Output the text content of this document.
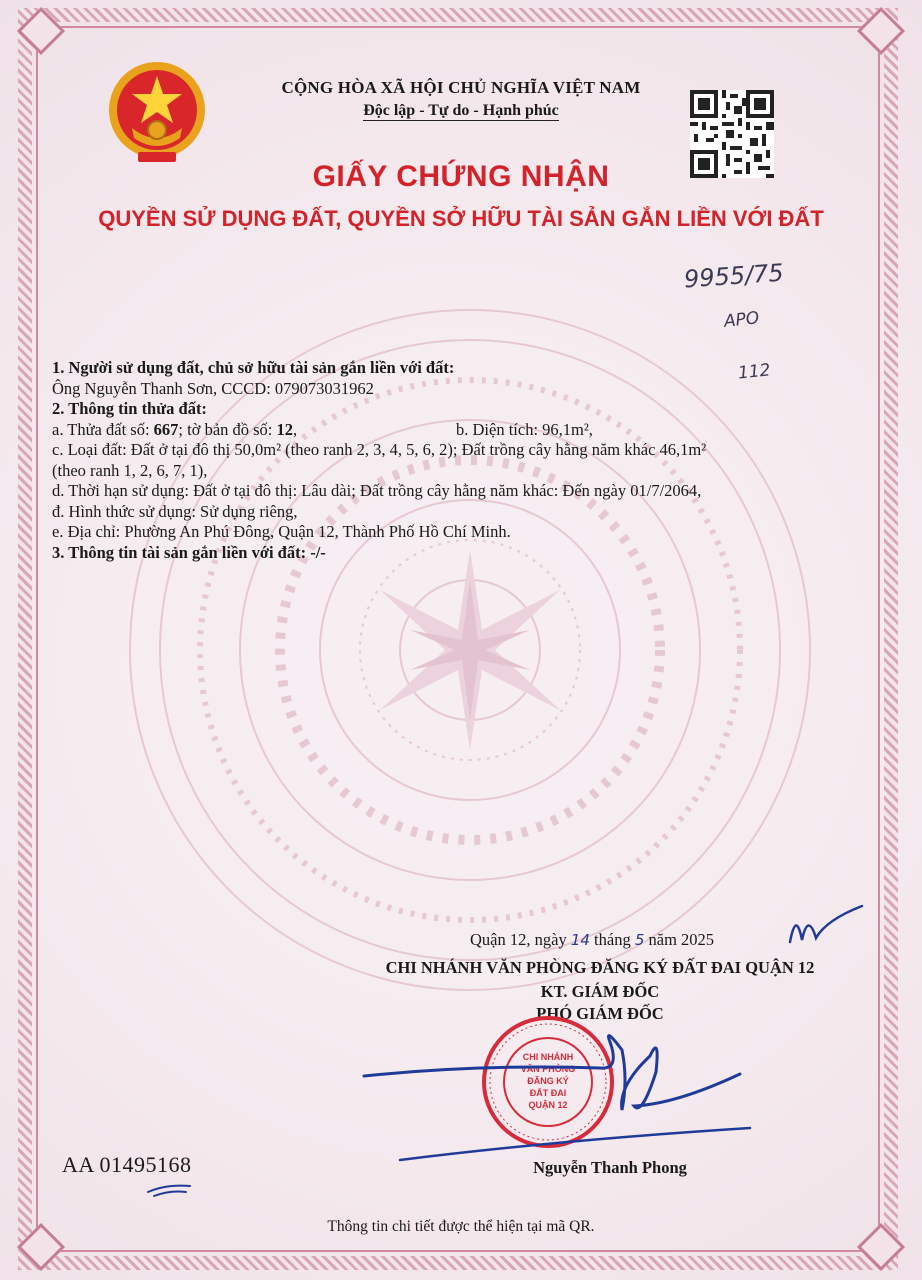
CỘNG HÒA XÃ HỘI CHỦ NGHĨA VIỆT NAM
Độc lập - Tự do - Hạnh phúc
GIẤY CHỨNG NHẬN
QUYỀN SỬ DỤNG ĐẤT, QUYỀN SỞ HỮU TÀI SẢN GẮN LIỀN VỚI ĐẤT
9955/75
APO
112
1. Người sử dụng đất, chủ sở hữu tài sản gắn liền với đất:
Ông Nguyễn Thanh Sơn, CCCD: 079073031962
2. Thông tin thửa đất:
a. Thửa đất số: 667; tờ bản đồ số: 12,	b. Diện tích: 96,1m²,
c. Loại đất: Đất ở tại đô thị 50,0m² (theo ranh 2, 3, 4, 5, 6, 2); Đất trồng cây hằng năm khác 46,1m²
(theo ranh 1, 2, 6, 7, 1),
d. Thời hạn sử dụng: Đất ở tại đô thị: Lâu dài; Đất trồng cây hằng năm khác: Đến ngày 01/7/2064,
đ. Hình thức sử dụng: Sử dụng riêng,
e. Địa chỉ: Phường An Phú Đông, Quận 12, Thành Phố Hồ Chí Minh.
3. Thông tin tài sản gắn liền với đất: -/-
Quận 12, ngày 14 tháng 5 năm 2025
CHI NHÁNH VĂN PHÒNG ĐĂNG KÝ ĐẤT ĐAI QUẬN 12
KT. GIÁM ĐỐC
PHÓ GIÁM ĐỐC
CHI NHÁNH
VĂN PHÒNG
ĐĂNG KÝ
ĐẤT ĐAI
QUẬN 12
Nguyễn Thanh Phong
AA 01495168
Thông tin chi tiết được thể hiện tại mã QR.
